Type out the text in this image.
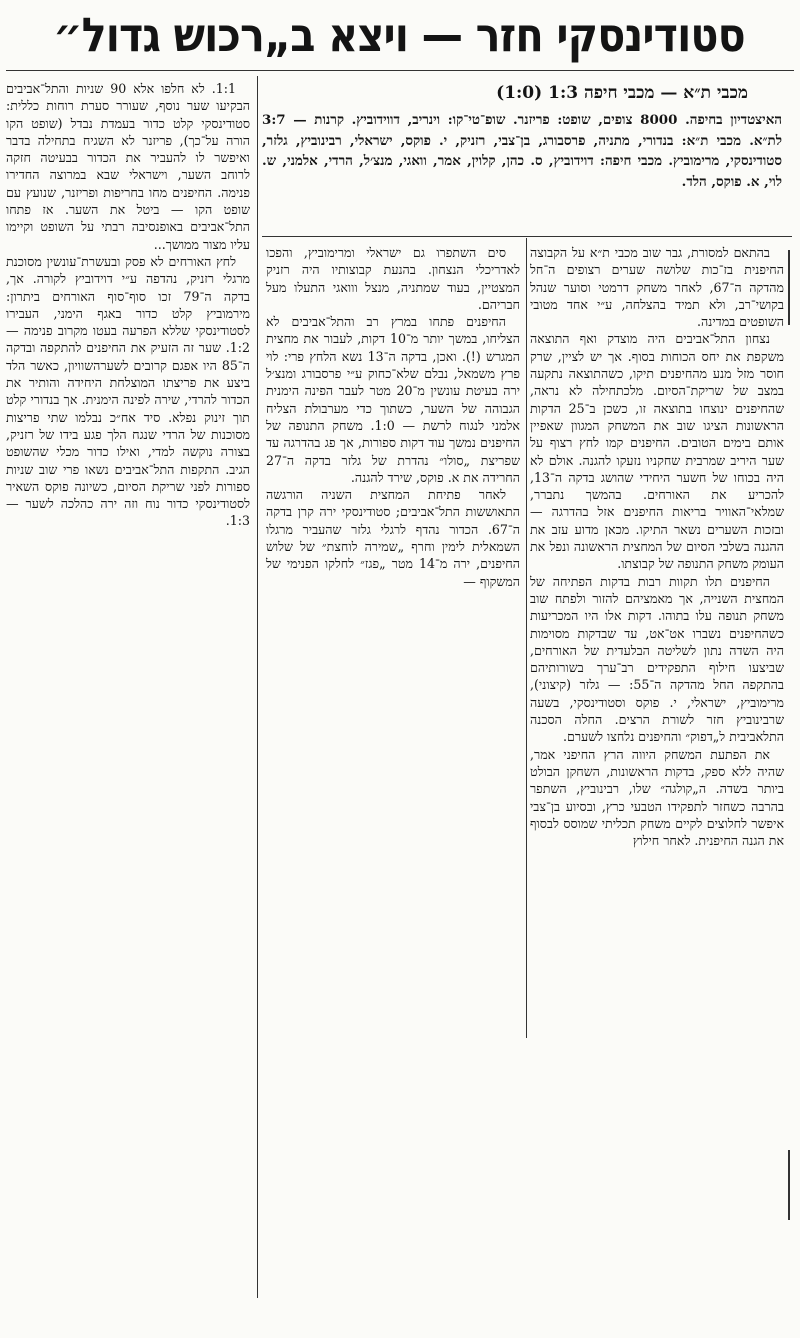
סטודינסקי חזר — ויצא ב„רכוש גדול״
מכבי ת״א — מכבי חיפה 1:3 (1:0)
האיצטדיון בחיפה. 8000 צופים, שופט: פריזנר. שופ־טי־קו: וינריב, דווידוביץ. קרנות — 3:7 לת״א. מכבי ת״א: בנדורי, מתניה, פרסבורג, בן־צבי, רזניק, י. פוקס, ישראלי, רבינוביץ, גלזר, סטודינסקי, מרימוביץ. מכבי חיפה: דוידוביץ, ס. כהן, קלוין, אמר, וואגי, מנצ׳ל, הרדי, אלמני, ש. לוי, א. פוקס, הלד.

בהתאם למסורת, גבר שוב מכבי ת״א על הקבוצה החיפנית בז־כות שלושה שערים רצופים ה־חל מהדקה ה־67, לאחר משחק דרמטי וסוער שנהל בקושי־רב, ולא תמיד בהצלחה, ע״י אחד מטובי השופטים במדינה.

נצחון התל־אביבים היה מוצדק ואף התוצאה משקפת את יחס הכוחות בסוף. אך יש לציין, שרק חוסר מזל מנע מהחיפנים תיקו, כשהתוצאה נתקעה במצב של שריקת־הסיום. מלכתחילה לא נראה, שהחיפנים ינוצחו בתוצאה זו, כשכן ב־25 הדקות הראשונות הציגו שוב את המשחק המגוון שאפיין אותם בימים הטובים. החיפנים קמו לחץ רצוף על שער היריב שמרבית שחקניו נזעקו להגנה. אולם לא היה בכוחו של חשער היחידי שהושג בדקה ה־13, להכריע את האורחים. בהמשך נתברר, שמלאי־האוויר בריאות החיפנים אזל בהדרגה — ובזכות השערים נשאר התיקו. מכאן מדוע עזב את ההגנה בשלבי הסיום של המחצית הראשונה ונפל את העומק משחק התנופה של קבוצתו.

החיפנים תלו תקוות רבות בדקות הפתיחה של המחצית השנייה, אך מאמציהם להזור ולפתח שוב משחק תנופה עלו בתוהו. דקות אלו היו המכריעות כשהחיפנים נשברו אט־אט, עד שבדקות מסוימות היה השדה נתון לשליטה הבלעדית של האורחים, שביצעו חילוף התפקידים רב־ערך בשורותיהם בהתקפה החל מהדקה ה־55: — גלזר (קיצוני), מרימוביץ, ישראלי, י. פוקס וסטודינסקי, בשעה שרבינוביץ חזר לשורת הרצים. החלה הסכנה התלאביבית ל„דפוק״ והחיפנים נלחצו לשערם.

את הפתעת המשחק היווה הרץ החיפני אמר, שהיה ללא ספק, בדקות הראשונות, השחקן הבולט ביותר בשדה. ה„קולגה״ שלו, רבינוביץ, השתפר בהרבה כשחזר לתפקידו הטבעי כרץ, ובסיוע בן־צבי איפשר לחלוצים לקיים משחק תכליתי שמוסס לבסוף את הגנה החיפנית. לאחר חילוץ

סים השתפרו גם ישראלי ומרימוביץ, והפכו לאדריכלי הנצחון. בהנעת קבוצותיו היה רזניק המצטיין, בעוד שמתניה, מנצל ווואגי התעלו מעל חבריהם.

החיפנים פתחו במרץ רב והתל־אביבים לא הצליחו, במשך יותר מ־10 דקות, לעבור את מחצית המגרש (!). ואכן, בדקה ה־13 נשא הלחץ פרי: לוי פרץ משמאל, נבלם שלא־כחוק ע״י פרסבורג ומנצ׳ל ירה בעיטת עונשין מ־20 מטר לעבר הפינה הימנית הגבוהה של השער, כשתוך כדי מערבולת הצליח אלמני לנגוח לרשת — 1:0. משחק התנופה של החיפנים נמשך עוד דקות ספורות, אך פג בהדרגה עד שפריצת „סולו״ נהדרת של גלזר בדקה ה־27 החרידה את א. פוקס, שירד להגנה.

לאחר פתיחת המחצית השניה הורגשה התאוששות התל־אביבים; סטודינסקי ירה קרן בדקה ה־67. הכדור נהדף לרגלי גלזר שהעביר מרגלו השמאלית לימין וחרף „שמירה לוחצת״ של שלוש החיפנים, ירה מ־14 מטר „פגז״ לחלקו הפנימי של המשקוף —

1:1. לא חלפו אלא 90 שניות והתל־אביבים הבקיעו שער נוסף, שעורר סערת רוחות כללית: סטודינסקי קלט כדור בעמדת נבדל (שופט הקו הורה על־כך), פריזנר לא השגיח בתחילה בדבר ואיפשר לו להעביר את הכדור בבעיטה חזקה לרוחב השער, וישראלי שבא במרוצה החדירו פנימה. החיפנים מחו בחריפות ופריזנר, שנועץ עם שופט הקו — ביטל את השער. אז פתחו התל־אביבים באופנסיבה רבתי על השופט וקיימו עליו מצור ממושך...

לחץ האורחים לא פסק ובעשרת־עונשין מסוכנת מרגלי רזניק, נהדפה ע״י דוידוביץ לקורה. אך, בדקה ה־79 זכו סוף־סוף האורחים ביתרון: מירמוביץ קלט כדור באגף הימני, העבירו לסטודינסקי שללא הפרעה בעטו מקרוב פנימה — 1:2. שער זה הזעיק את החיפנים להתקפה ובדקה ה־85 היו אפגם קרובים לשערהשוויון, כאשר הלד ביצע את פריצתו המוצלחת היחידה והותיר את הכדור להרדי, שירה לפינה הימנית. אך בנדורי קלט תוך זינוק נפלא. סיד אח״כ נבלמו שתי פריצות מסוכנות של הרדי שנגח הלך פגע בידו של רזניק, בצורה נוקשה למדי, ואילו כדור מכלי שהשופט הגיב. התקפות התל־אביבים נשאו פרי שוב שניות ספורות לפני שריקת הסיום, כשיונה פוקס השאיר לסטודינסקי כדור נוח וזה ירה כהלכה לשער — 1:3.
